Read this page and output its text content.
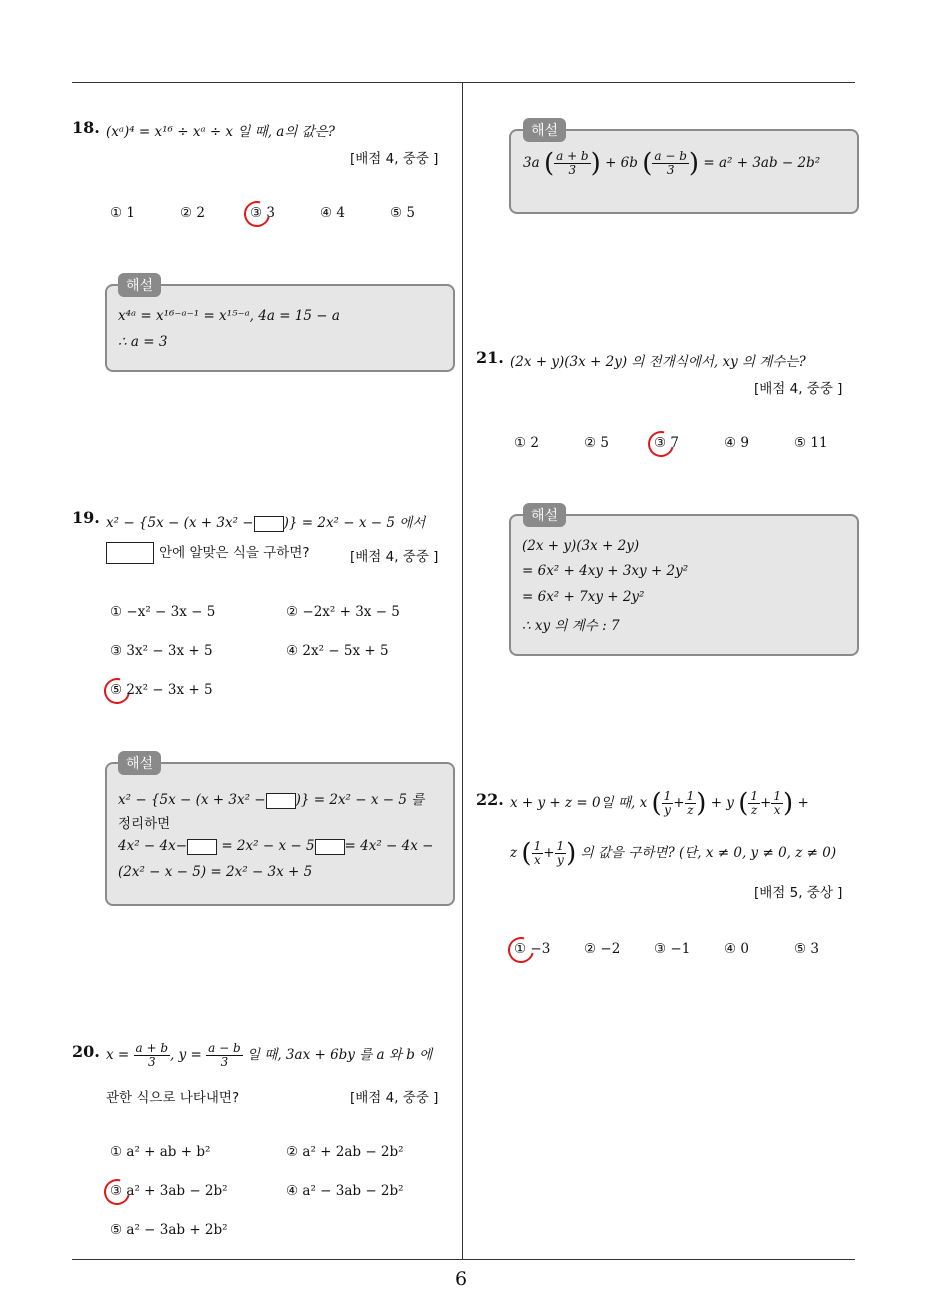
18. (xᵃ)⁴ = x¹⁶ ÷ xᵃ ÷ x 일 때, a의 값은?
[배점 4, 중중 ]
① 1	② 2	③ 3	④ 4	⑤ 5
해설
x⁴ᵃ = x¹⁶⁻ᵃ⁻¹ = x¹⁵⁻ᵃ, 4a = 15 − a
∴ a = 3
19. x² − {5x − (x + 3x² − )} = 2x² − x − 5 에서
안에 알맞은 식을 구하면?	[배점 4, 중중 ]
① −x² − 3x − 5	② −2x² + 3x − 5
③ 3x² − 3x + 5	④ 2x² − 5x + 5
⑤ 2x² − 3x + 5
해설
x² − {5x − (x + 3x² − )} = 2x² − x − 5 를
정리하면
4x² − 4x−	= 2x² − x − 5 = 4x² − 4x −
(2x² − x − 5) = 2x² − 3x + 5
20. $x = \frac{a + b}{3}$ , $y = \frac{a - b}{3}$ 일 때, 3ax + 6by 를 a 와 b 에
관한 식으로 나타내면?	[배점 4, 중중 ]
① a² + ab + b²	② a² + 2ab − 2b²
③ a² + 3ab − 2b²	④ a² − 3ab − 2b²
⑤ a² − 3ab + 2b²
해설
3a ( $\frac{a + b}{3}$ ) + 6b ( $\frac{a - b}{3}$ ) = a² + 3ab − 2b²
21. (2x + y)(3x + 2y) 의 전개식에서, xy 의 계수는?
[배점 4, 중중 ]
① 2	② 5	③ 7	④ 9	⑤ 11
해설
(2x + y)(3x + 2y)
= 6x² + 4xy + 3xy + 2y²
= 6x² + 7xy + 2y²
∴ xy 의 계수 : 7
22. x + y + z = 0일 때, x ( $\frac{1}{y} + \frac{1}{z}$ ) + y ( $\frac{1}{z} + \frac{1}{x}$ ) +
z ( $\frac{1}{x} + \frac{1}{y}$ ) 의 값을 구하면? (단, x ≠ 0, y ≠ 0, z ≠ 0)
[배점 5, 중상 ]
① −3 ② −2 ③ −1 ④ 0	⑤ 3
6
